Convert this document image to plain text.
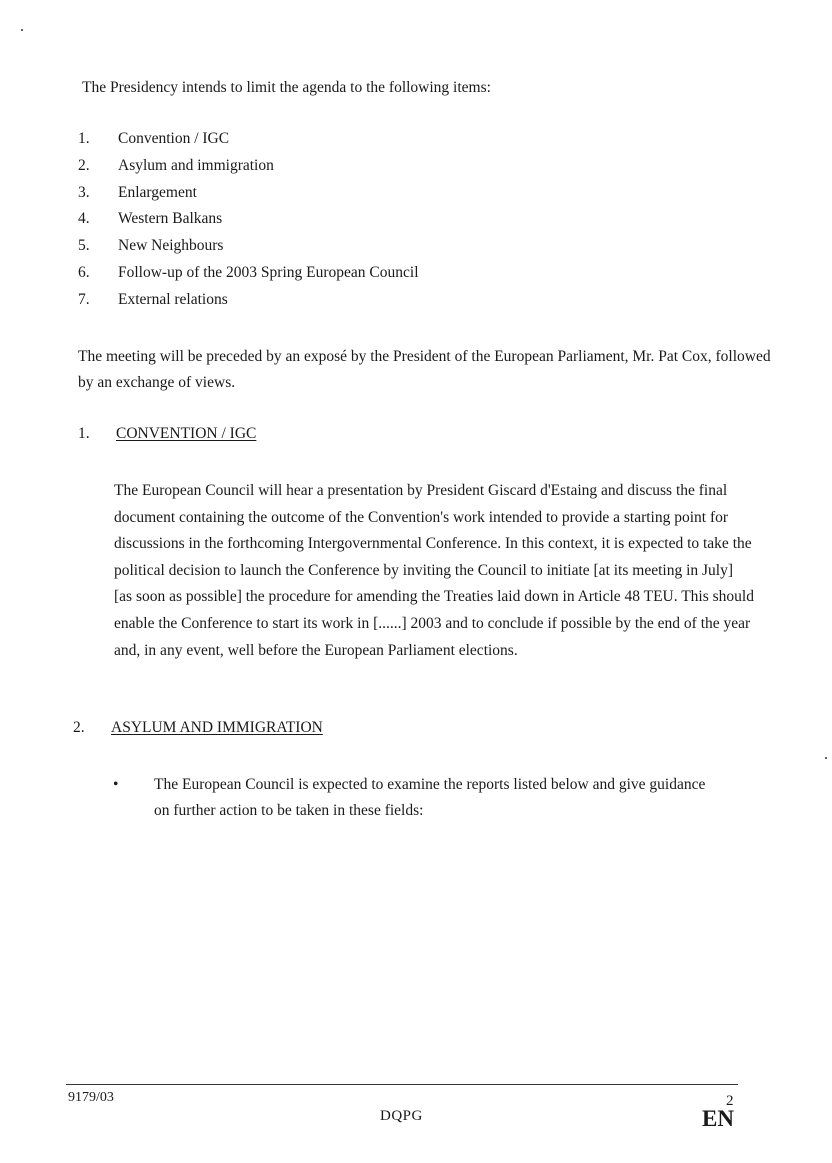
The Presidency intends to limit the agenda to the following items:

1.	Convention / IGC
2.	Asylum and immigration
3.	Enlargement
4.	Western Balkans
5.	New Neighbours
6.	Follow-up of the 2003 Spring European Council
7.	External relations

The meeting will be preceded by an exposé by the President of the European Parliament, Mr. Pat Cox, followed by an exchange of views.

1.	CONVENTION / IGC

The European Council will hear a presentation by President Giscard d'Estaing and discuss the final document containing the outcome of the Convention's work intended to provide a starting point for discussions in the forthcoming Intergovernmental Conference. In this context, it is expected to take the political decision to launch the Conference by inviting the Council to initiate [at its meeting in July] [as soon as possible] the procedure for amending the Treaties laid down in Article 48 TEU. This should enable the Conference to start its work in [......] 2003 and to conclude if possible by the end of the year and, in any event, well before the European Parliament elections.

2.	ASYLUM AND IMMIGRATION
•	The European Council is expected to examine the reports listed below and give guidance on further action to be taken in these fields:

9179/03	2

DQPG	EN
